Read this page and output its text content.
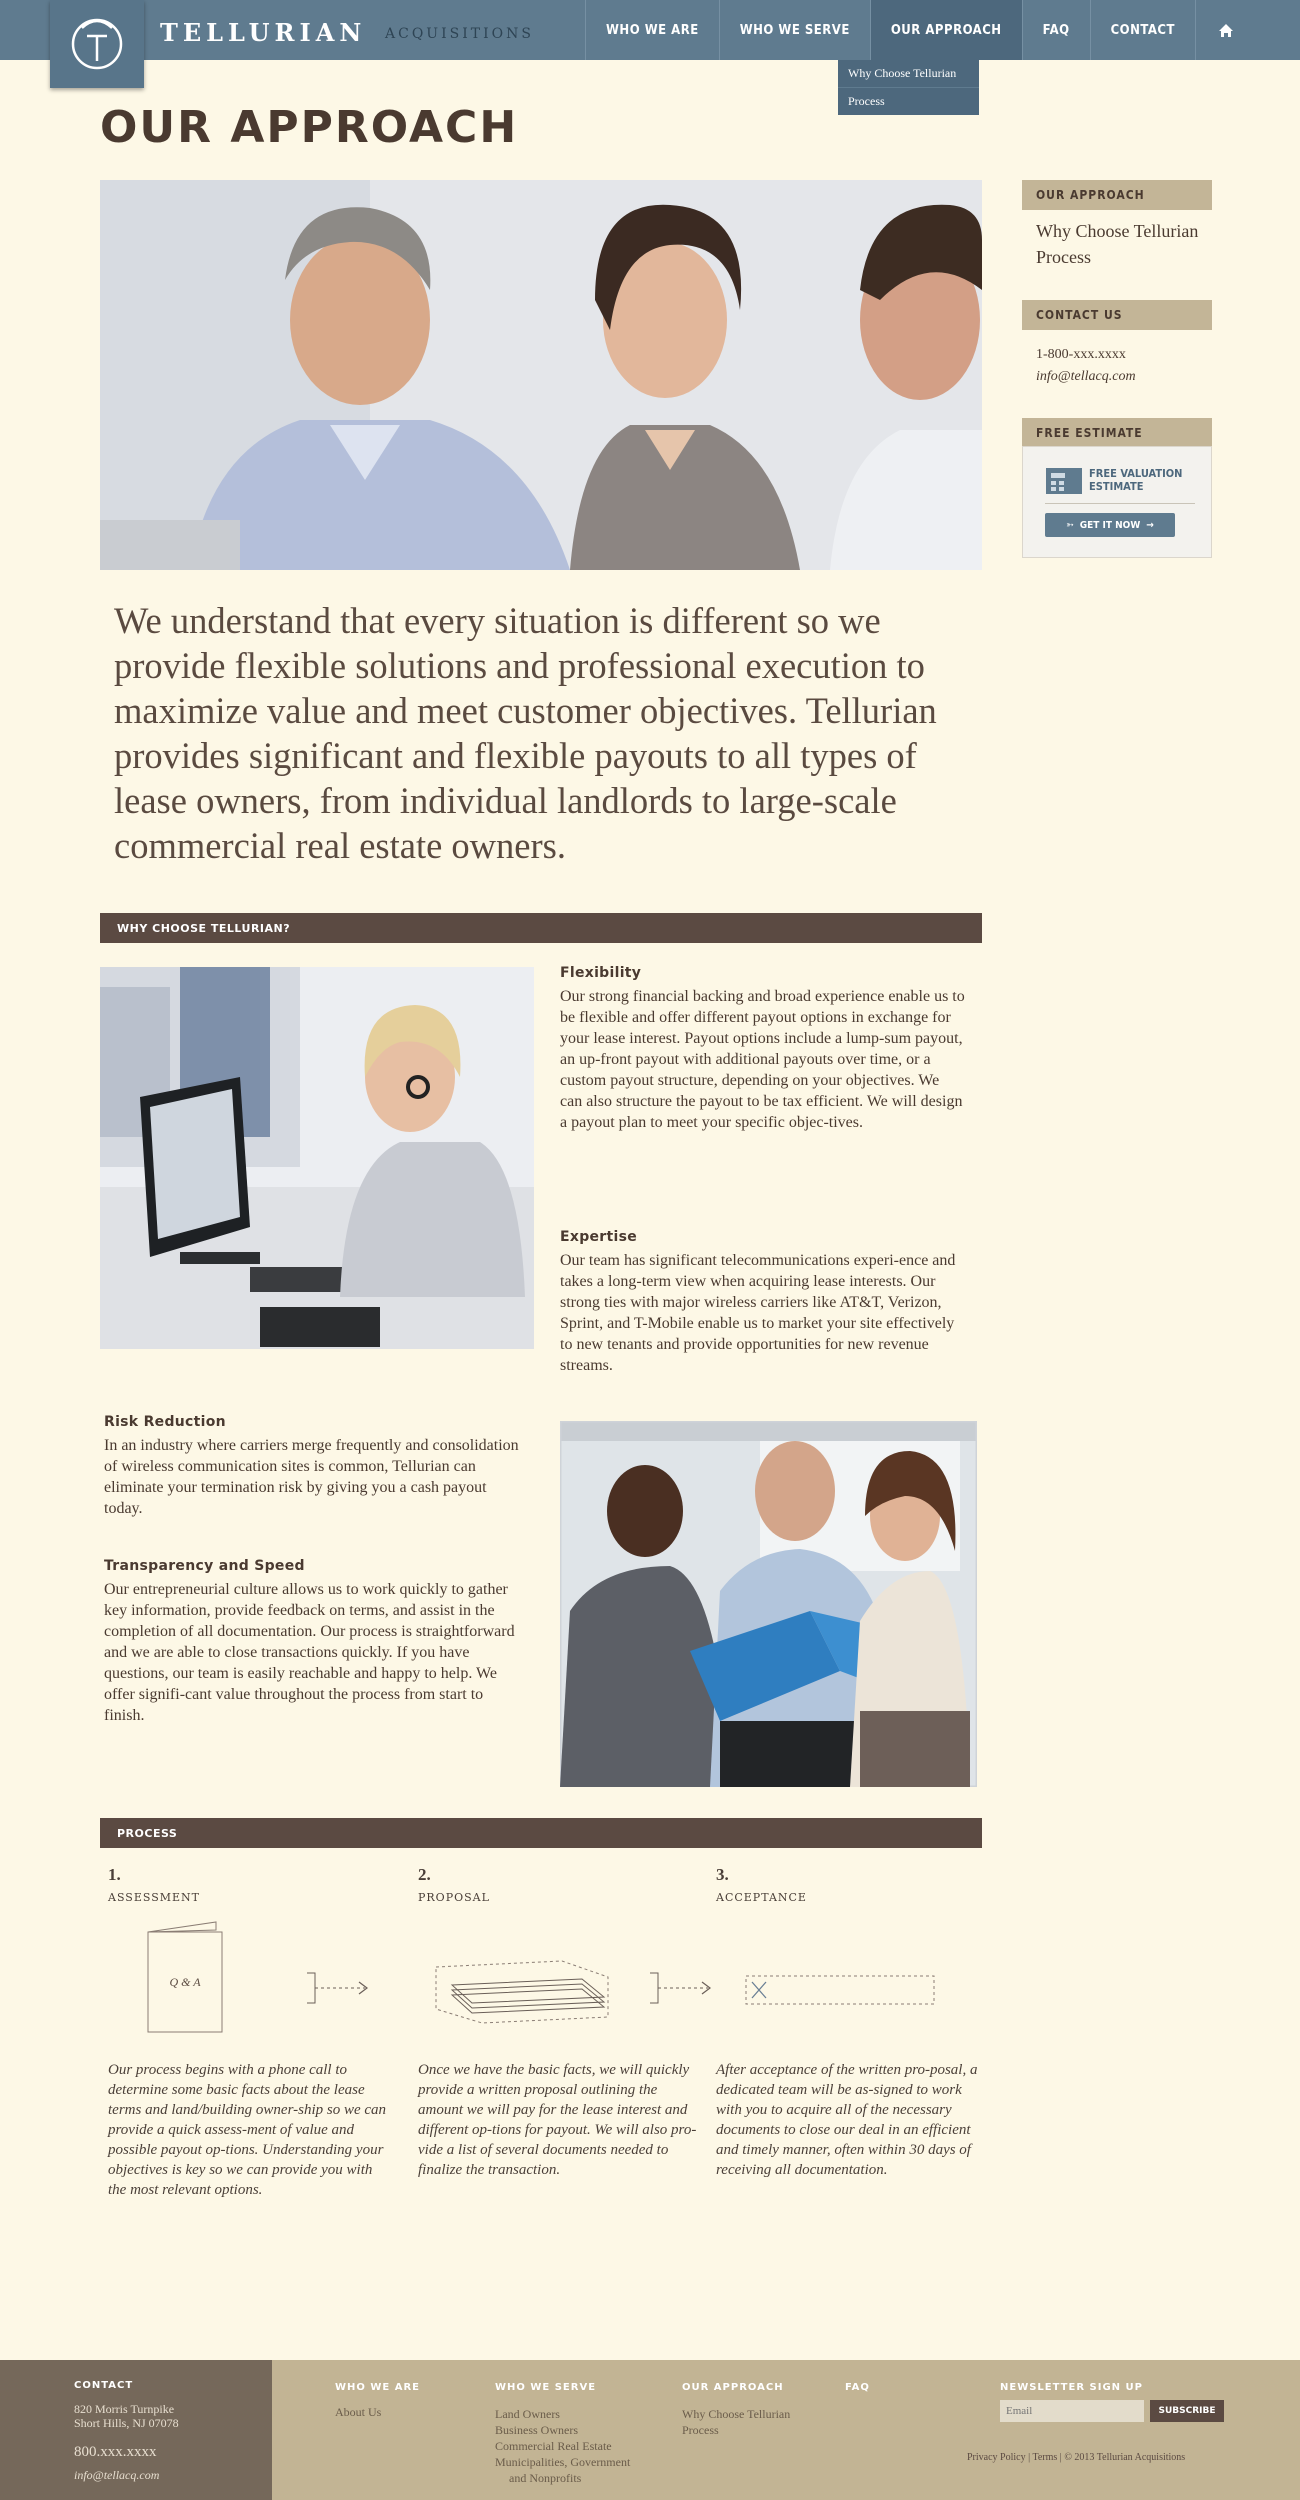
TELLURIAN ACQUISITIONS	WHO WE ARE	WHO WE SERVE	OUR APPROACH	FAQ	CONTACT
Why Choose Tellurian
Process
OUR APPROACH
We understand that every situation is different so we provide flexible solutions and professional execution to maximize value and meet customer objectives. Tellurian provides significant and flexible payouts to all types of lease owners, from individual landlords to large-scale commercial real estate owners.
WHY CHOOSE TELLURIAN?
Flexibility

Our strong financial backing and broad experience enable us to be flexible and offer different payout options in exchange for your lease interest. Payout options include a lump-sum payout, an up-front payout with additional payouts over time, or a custom payout structure, depending on your objectives. We can also structure the payout to be tax efficient. We will design a payout plan to meet your specific objec-tives.

Expertise

Our team has significant telecommunications experi-ence and takes a long-term view when acquiring lease interests. Our strong ties with major wireless carriers like AT&T, Verizon, Sprint, and T-Mobile enable us to market your site effectively to new tenants and provide opportunities for new revenue streams.

Risk Reduction

In an industry where carriers merge frequently and consolidation of wireless communication sites is common, Tellurian can eliminate your termination risk by giving you a cash payout today.

Transparency and Speed

Our entrepreneurial culture allows us to work quickly to gather key information, provide feedback on terms, and assist in the completion of all documentation. Our process is straightforward and we are able to close transactions quickly. If you have questions, our team is easily reachable and happy to help. We offer signifi-cant value throughout the process from start to finish.

PROCESS
1.
ASSESSMENT
Q & A
Our process begins with a phone call to determine some basic facts about the lease terms and land/building owner-ship so we can provide a quick assess-ment of value and possible payout op-tions. Understanding your objectives is key so we can provide you with the most relevant options.
2.
PROPOSAL
Once we have the basic facts, we will quickly provide a written proposal outlining the amount we will pay for the lease interest and different op-tions for payout. We will also pro-vide a list of several documents needed to finalize the transaction.
3.
ACCEPTANCE
After acceptance of the written pro-posal, a dedicated team will be as-signed to work with you to acquire all of the necessary documents to close our deal in an efficient and timely manner, often within 30 days of receiving all documentation.
OUR APPROACH
Why Choose Tellurian
Process
CONTACT US
1-800-xxx.xxxx
info@tellacq.com
FREE ESTIMATE
FREE VALUATION
ESTIMATE
➳ GET IT NOW →
CONTACT
820 Morris Turnpike
Short Hills, NJ 07078
800.xxx.xxxx
info@tellacq.com
WHO WE ARE
About Us
WHO WE SERVE
Land Owners
Business Owners
Commercial Real Estate
Municipalities, Government
and Nonprofits
OUR APPROACH
Why Choose Tellurian
Process
FAQ	NEWSLETTER SIGN UP
Email
SUBSCRIBE
Privacy Policy | Terms | © 2013 Tellurian Acquisitions
